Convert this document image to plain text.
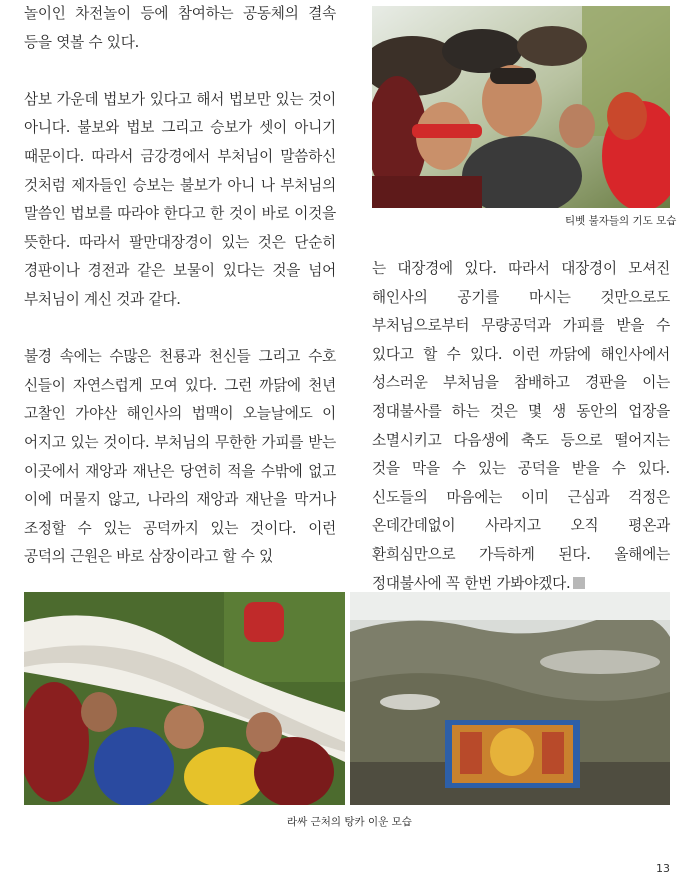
놀이인 차전놀이 등에 참여하는 공동체의 결속 등을 엿볼 수 있다.

삼보 가운데 법보가 있다고 해서 법보만 있는 것이 아니다. 불보와 법보 그리고 승보가 셋이 아니기 때문이다. 따라서 금강경에서 부처님이 말씀하신 것처럼 제자들인 승보는 불보가 아니 나 부처님의 말씀인 법보를 따라야 한다고 한 것이 바로 이것을 뜻한다. 따라서 팔만대장경이 있는 것은 단순히 경판이나 경전과 같은 보물이 있다는 것을 넘어 부처님이 계신 것과 같다.

불경 속에는 수많은 천룡과 천신들 그리고 수호 신들이 자연스럽게 모여 있다. 그런 까닭에 천년 고찰인 가야산 해인사의 법맥이 오늘날에도 이 어지고 있는 것이다. 부처님의 무한한 가피를 받는 이곳에서 재앙과 재난은 당연히 적을 수밖에 없고 이에 머물지 않고, 나라의 재앙과 재난을 막거나 조정할 수 있는 공덕까지 있는 것이다. 이런 공덕의 근원은 바로 삼장이라고 할 수 있

티벳 불자들의 기도 모습

는 대장경에 있다. 따라서 대장경이 모셔진 해인사의 공기를 마시는 것만으로도 부처님으로부터 무량공덕과 가피를 받을 수 있다고 할 수 있다. 이런 까닭에 해인사에서 성스러운 부처님을 참배하고 경판을 이는 정대불사를 하는 것은 몇 생 동안의 업장을 소멸시키고 다음생에 축도 등으로 떨어지는 것을 막을 수 있는 공덕을 받을 수 있다. 신도들의 마음에는 이미 근심과 걱정은 온데간데없이 사라지고 오직 평온과 환희심만으로 가득하게 된다. 올해에는 정대불사에 꼭 한번 가봐야겠다.

라싸 근처의 탕카 이운 모습
13
